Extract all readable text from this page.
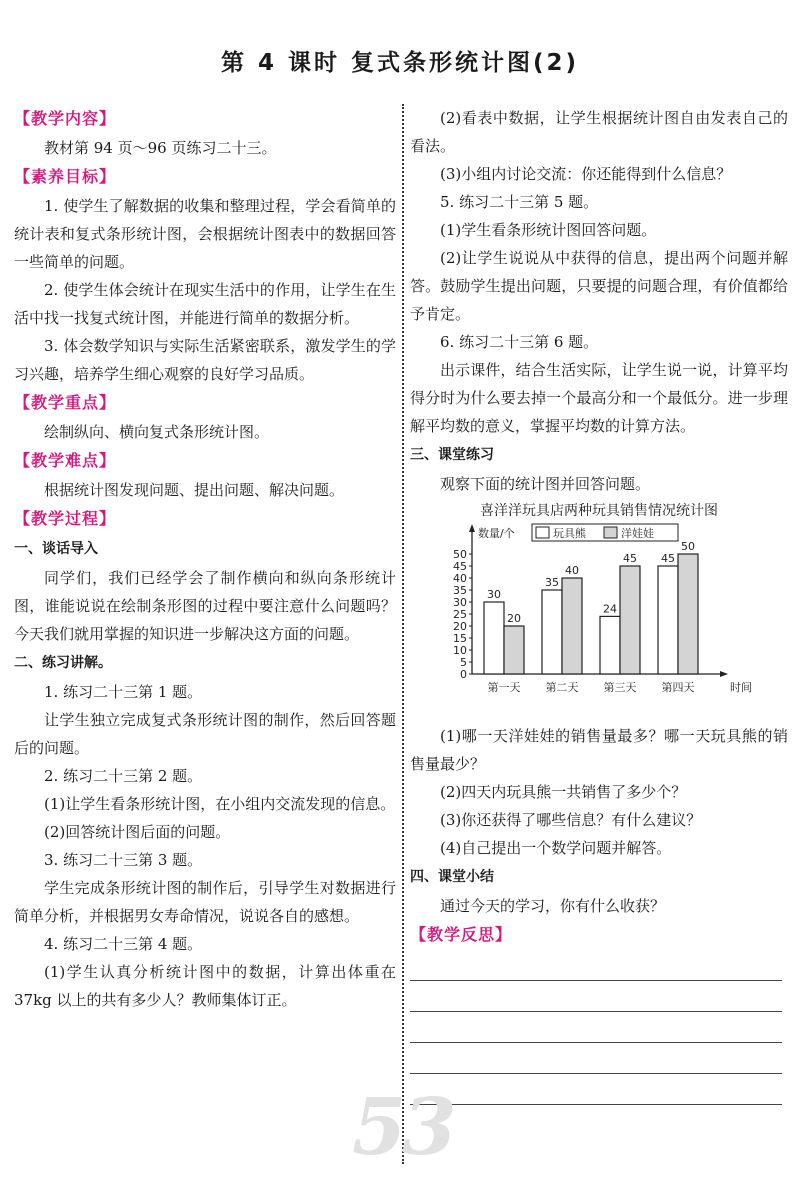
第 4 课时 复式条形统计图(2)
【教学内容】

教材第 94 页～96 页练习二十三。

【素养目标】

1. 使学生了解数据的收集和整理过程，学会看简单的统计表和复式条形统计图，会根据统计图表中的数据回答一些简单的问题。

2. 使学生体会统计在现实生活中的作用，让学生在生活中找一找复式统计图，并能进行简单的数据分析。

3. 体会数学知识与实际生活紧密联系，激发学生的学习兴趣，培养学生细心观察的良好学习品质。

【教学重点】

绘制纵向、横向复式条形统计图。

【教学难点】

根据统计图发现问题、提出问题、解决问题。

【教学过程】
一、谈话导入

同学们，我们已经学会了制作横向和纵向条形统计图，谁能说说在绘制条形图的过程中要注意什么问题吗？今天我们就用掌握的知识进一步解决这方面的问题。

二、练习讲解。

1. 练习二十三第 1 题。

让学生独立完成复式条形统计图的制作，然后回答题后的问题。

2. 练习二十三第 2 题。

(1)让学生看条形统计图，在小组内交流发现的信息。

(2)回答统计图后面的问题。

3. 练习二十三第 3 题。

学生完成条形统计图的制作后，引导学生对数据进行简单分析，并根据男女寿命情况，说说各自的感想。

4. 练习二十三第 4 题。

(1)学生认真分析统计图中的数据，计算出体重在 37kg 以上的共有多少人？教师集体订正。

(2)看表中数据，让学生根据统计图自由发表自己的看法。

(3)小组内讨论交流：你还能得到什么信息？

5. 练习二十三第 5 题。

(1)学生看条形统计图回答问题。

(2)让学生说说从中获得的信息，提出两个问题并解答。鼓励学生提出问题，只要提的问题合理，有价值都给予肯定。

6. 练习二十三第 6 题。

出示课件，结合生活实际，让学生说一说，计算平均得分时为什么要去掉一个最高分和一个最低分。进一步理解平均数的意义，掌握平均数的计算方法。

三、课堂练习

观察下面的统计图并回答问题。

喜洋洋玩具店两种玩具销售情况统计图
0
5
10
15
20
25
30
35
40
45
50
数量/个
时间
玩具熊	洋娃娃
30
20
第一天
35
40
第二天
24
45
第三天
45
50
第四天

(1)哪一天洋娃娃的销售量最多？哪一天玩具熊的销售量最少？

(2)四天内玩具熊一共销售了多少个？

(3)你还获得了哪些信息？有什么建议？

(4)自己提出一个数学问题并解答。

四、课堂小结

通过今天的学习，你有什么收获？

【教学反思】
53
